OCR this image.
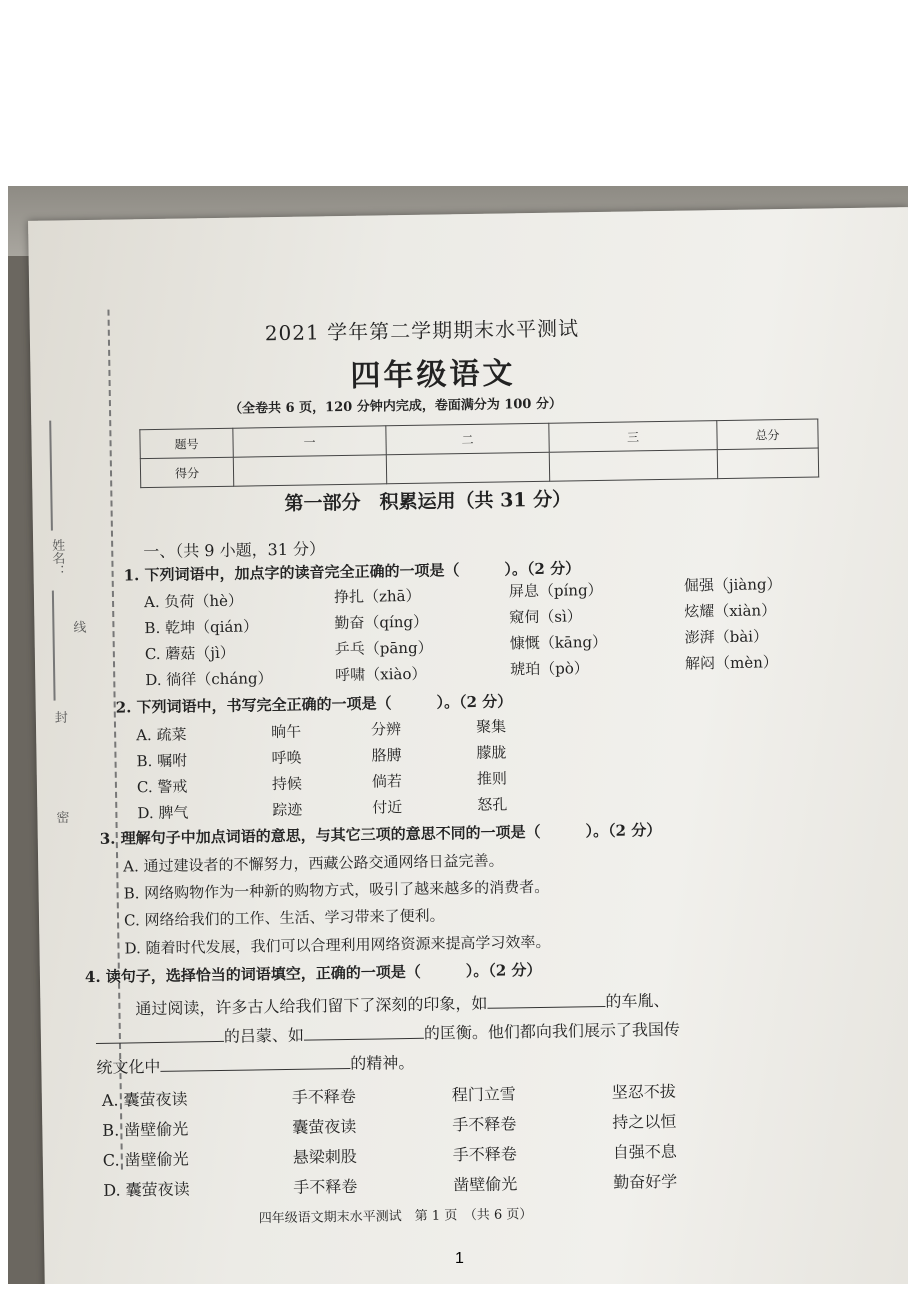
姓名：
线
封
密
2021 学年第二学期期末水平测试
四年级语文
（全卷共 6 页，120 分钟内完成，卷面满分为 100 分）
题号	一	二	三	总分
得分				
第一部分　积累运用（共 31 分）
一、（共 9 小题，31 分）
1. 下列词语中，加点字的读音完全正确的一项是（　　　）。（2 分）
A. 负荷（hè）	挣扎（zhā）	屏息（píng）	倔强（jiàng）
B. 乾坤（qián）	勤奋（qíng）	窥伺（sì）	炫耀（xiàn）
C. 蘑菇（jì）	乒乓（pāng）	慷慨（kāng）	澎湃（bài）
D. 徜徉（cháng）	呼啸（xiào）	琥珀（pò）	解闷（mèn）
2. 下列词语中，书写完全正确的一项是（　　　）。（2 分）
A. 疏菜	晌午	分辨	聚集
B. 嘱咐	呼唤	胳膊	朦胧
C. 警戒	持候	倘若	推则
D. 脾气	踪迹	付近	怒孔
3. 理解句子中加点词语的意思，与其它三项的意思不同的一项是（　　　）。（2 分）
A. 通过建设者的不懈努力，西藏公路交通网络日益完善。
B. 网络购物作为一种新的购物方式，吸引了越来越多的消费者。
C. 网络给我们的工作、生活、学习带来了便利。
D. 随着时代发展，我们可以合理利用网络资源来提高学习效率。
4. 读句子，选择恰当的词语填空，正确的一项是（　　　）。（2 分）
通过阅读，许多古人给我们留下了深刻的印象，如	的车胤、
的吕蒙、如	的匡衡。他们都向我们展示了我国传
统文化中	的精神。
A. 囊萤夜读	手不释卷	程门立雪	坚忍不拔
B. 凿壁偷光	囊萤夜读	手不释卷	持之以恒
C. 凿壁偷光	悬梁刺股	手不释卷	自强不息
D. 囊萤夜读	手不释卷	凿壁偷光	勤奋好学
四年级语文期末水平测试　第 1 页　（共 6 页）
1
